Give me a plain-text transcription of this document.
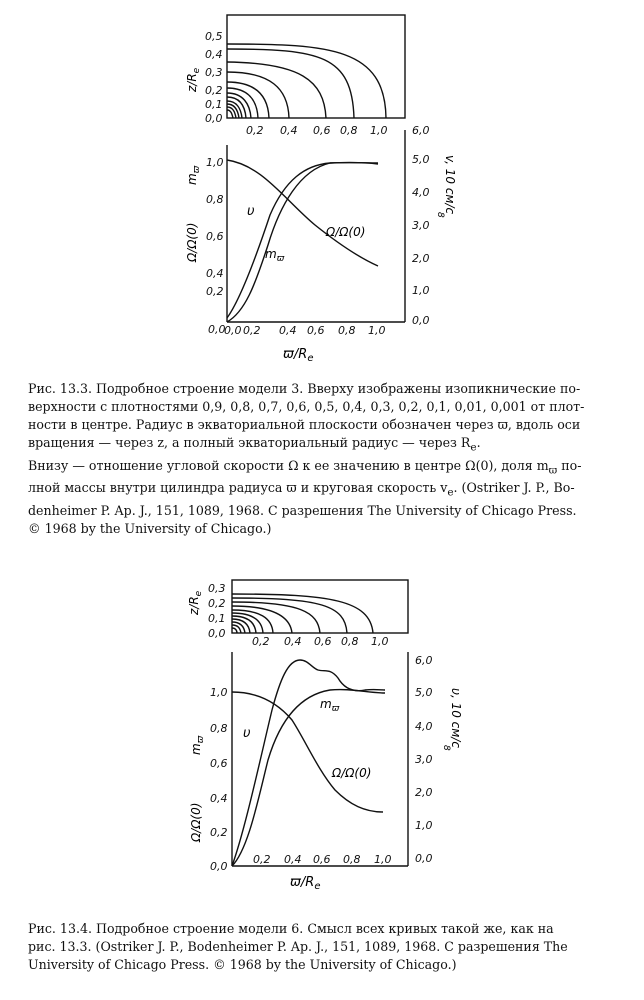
0,5
0,4
0,3
0,2
0,1
0,0
0,2 0,4 0,6 0,8 1,0
$z/R_e$
1,0
0,8
0,6
0,4
0,2
0,0
6,0
5,0
4,0
3,0
2,0
1,0
0,0
0,0 0,2 0,4 0,6 0,8 1,0
Ω/Ω(0)
$m_ϖ$	v, 10 см/с
8
$ϖ/R_e$
υ
Ω/Ω(0)
$m_ϖ$
0,3
0,2
0,1
0,0
0,2 0,4 0,6 0,8 1,0
$z/R_e$
1,0
0,8
0,6
0,4
0,2
0,0
6,0
5,0
4,0
3,0
2,0
1,0
0,0
0,2 0,4 0,6 0,8 1,0
Ω/Ω(0)
$m_ϖ$	υ, 10 см/с
8
$ϖ/R_e$
υ
Ω/Ω(0)
$m_ϖ$
Рис. 13.3. Подробное строение модели 3. Вверху изображены изопикнические по-
верхности с плотностями 0,9, 0,8, 0,7, 0,6, 0,5, 0,4, 0,3, 0,2, 0,1, 0,01, 0,001 от плот-
ности в центре. Радиус в экваториальной плоскости обозначен через ϖ, вдоль оси
вращения — через z, а полный экваториальный радиус — через $R_e$.
Внизу — отношение угловой скорости Ω к ее значению в центре Ω(0), доля $m_ϖ$ по-
лной массы внутри цилиндра радиуса ϖ и круговая скорость $v_e$. (Ostriker J. P., Bo-
denheimer P. Ap. J., 151, 1089, 1968. С разрешения The University of Chicago Press.
© 1968 by the University of Chicago.)
Рис. 13.4. Подробное строение модели 6. Смысл всех кривых такой же, как на
рис. 13.3. (Ostriker J. P., Bodenheimer P. Ap. J., 151, 1089, 1968. С разрешения The
University of Chicago Press. © 1968 by the University of Chicago.)
